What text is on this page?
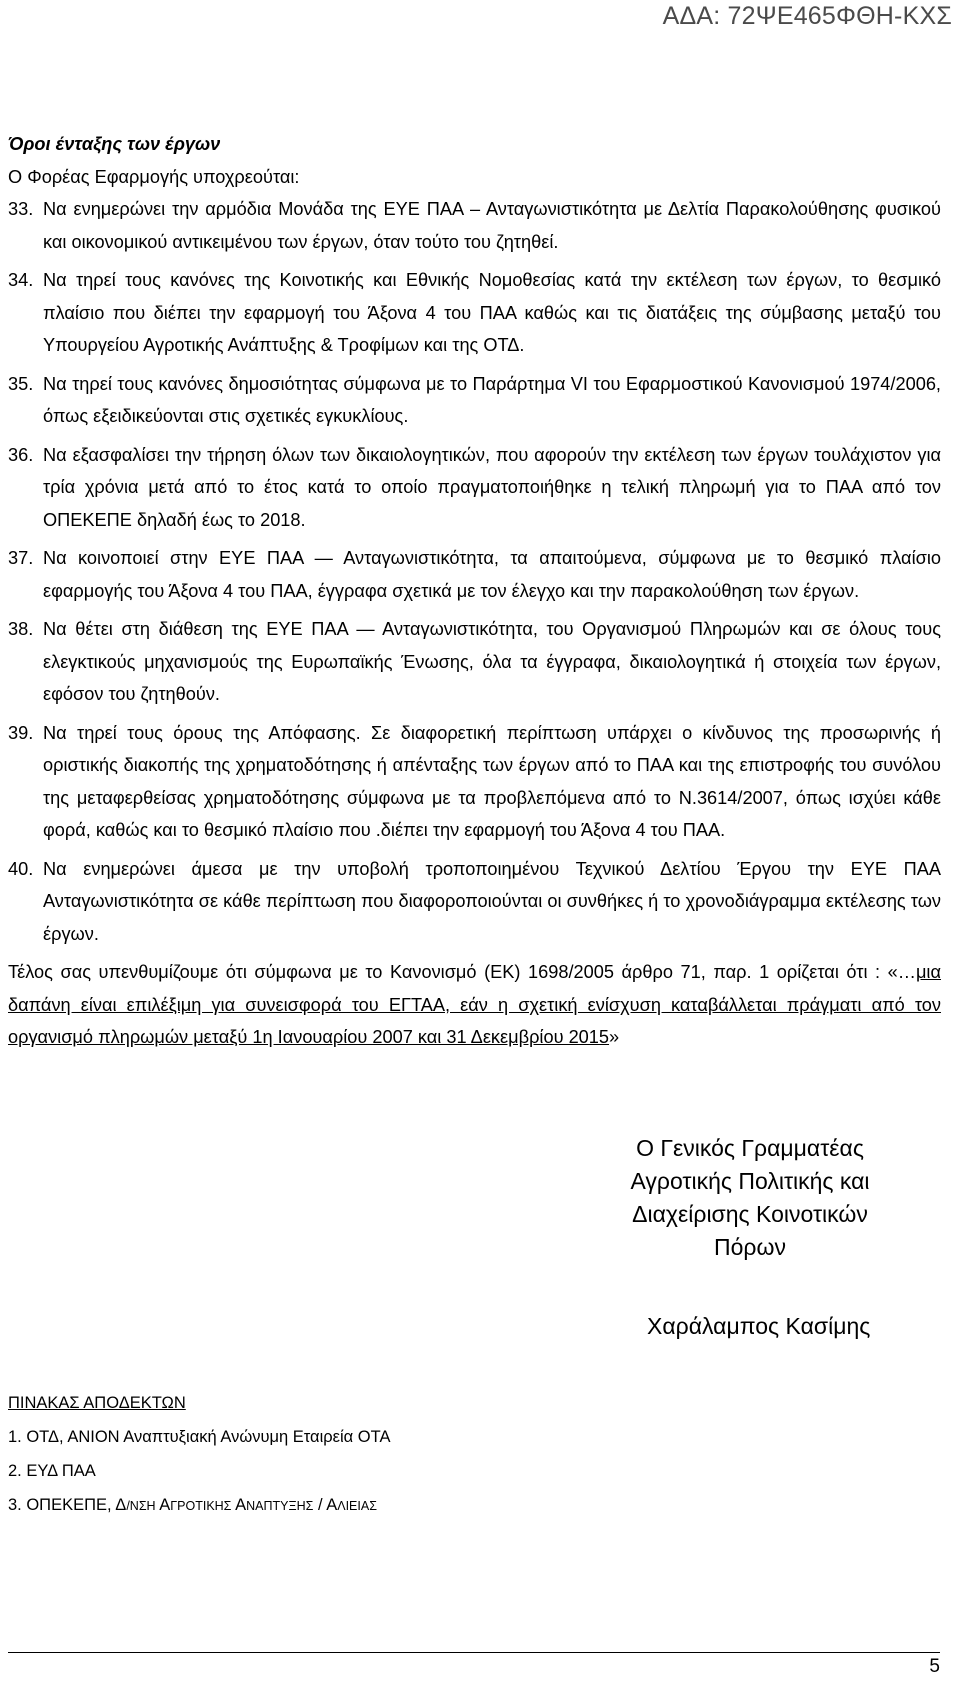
ΑΔΑ: 72ΨΕ465ΦΘΗ-ΚΧΣ
Όροι ένταξης των έργων
Ο Φορέας Εφαρμογής υποχρεούται:
33. Να ενημερώνει την αρμόδια Μονάδα της ΕΥΕ ΠΑΑ – Ανταγωνιστικότητα με Δελτία Παρακολούθησης φυσικού και οικονομικού αντικειμένου των έργων, όταν τούτο του ζητηθεί.
34. Να τηρεί τους κανόνες της Κοινοτικής και Εθνικής Νομοθεσίας κατά την εκτέλεση των έργων, το θεσμικό πλαίσιο που διέπει την εφαρμογή του Άξονα 4 του ΠΑΑ καθώς και τις διατάξεις της σύμβασης μεταξύ του Υπουργείου Αγροτικής Ανάπτυξης & Τροφίμων και της ΟΤΔ.
35. Να τηρεί τους κανόνες δημοσιότητας σύμφωνα με το Παράρτημα VI του Εφαρμοστικού Κανονισμού 1974/2006, όπως εξειδικεύονται στις σχετικές εγκυκλίους.
36. Να εξασφαλίσει την τήρηση όλων των δικαιολογητικών, που αφορούν την εκτέλεση των έργων τουλάχιστον για τρία χρόνια μετά από το έτος κατά το οποίο πραγματοποιήθηκε η τελική πληρωμή για το ΠΑΑ από τον ΟΠΕΚΕΠΕ δηλαδή έως το 2018.
37. Να κοινοποιεί στην ΕΥΕ ΠΑΑ — Ανταγωνιστικότητα, τα απαιτούμενα, σύμφωνα με το θεσμικό πλαίσιο εφαρμογής του Άξονα 4 του ΠΑΑ, έγγραφα σχετικά με τον έλεγχο και την παρακολούθηση των έργων.
38. Να θέτει στη διάθεση της ΕΥΕ ΠΑΑ — Ανταγωνιστικότητα, του Οργανισμού Πληρωμών και σε όλους τους ελεγκτικούς μηχανισμούς της Ευρωπαϊκής Ένωσης, όλα τα έγγραφα, δικαιολογητικά ή στοιχεία των έργων, εφόσον του ζητηθούν.
39. Να τηρεί τους όρους της Απόφασης. Σε διαφορετική περίπτωση υπάρχει ο κίνδυνος της προσωρινής ή οριστικής διακοπής της χρηματοδότησης ή απένταξης των έργων από το ΠΑΑ και της επιστροφής του συνόλου της μεταφερθείσας χρηματοδότησης σύμφωνα με τα προβλεπόμενα από το Ν.3614/2007, όπως ισχύει κάθε φορά, καθώς και το θεσμικό πλαίσιο που .διέπει την εφαρμογή του Άξονα 4 του ΠΑΑ.
40. Να ενημερώνει άμεσα με την υποβολή τροποποιημένου Τεχνικού Δελτίου Έργου την ΕΥΕ ΠΑΑ Ανταγωνιστικότητα σε κάθε περίπτωση που διαφοροποιούνται οι συνθήκες ή το χρονοδιάγραμμα εκτέλεσης των έργων.
Τέλος σας υπενθυμίζουμε ότι σύμφωνα με το Κανονισμό (ΕΚ) 1698/2005 άρθρο 71, παρ. 1 ορίζεται ότι : «…μια δαπάνη είναι επιλέξιμη για συνεισφορά του ΕΓΤΑΑ, εάν η σχετική ενίσχυση καταβάλλεται πράγματι από τον οργανισμό πληρωμών μεταξύ 1η Ιανουαρίου 2007 και 31 Δεκεμβρίου 2015»
Ο Γενικός Γραμματέας
Αγροτικής Πολιτικής και
Διαχείρισης Κοινοτικών
Πόρων
Χαράλαμπος Κασίμης
ΠΙΝΑΚΑΣ ΑΠΟΔΕΚΤΩΝ
1. ΟΤΔ, ΑΝΙΟΝ Αναπτυξιακή Ανώνυμη Εταιρεία ΟΤΑ
2. ΕΥΔ ΠΑΑ
3. ΟΠΕΚΕΠΕ, Δ/ΝΣΗ ΑΓΡΟΤΙΚΗΣ ΑΝΑΠΤΥΞΗΣ / ΑΛΙΕΙΑΣ
5
